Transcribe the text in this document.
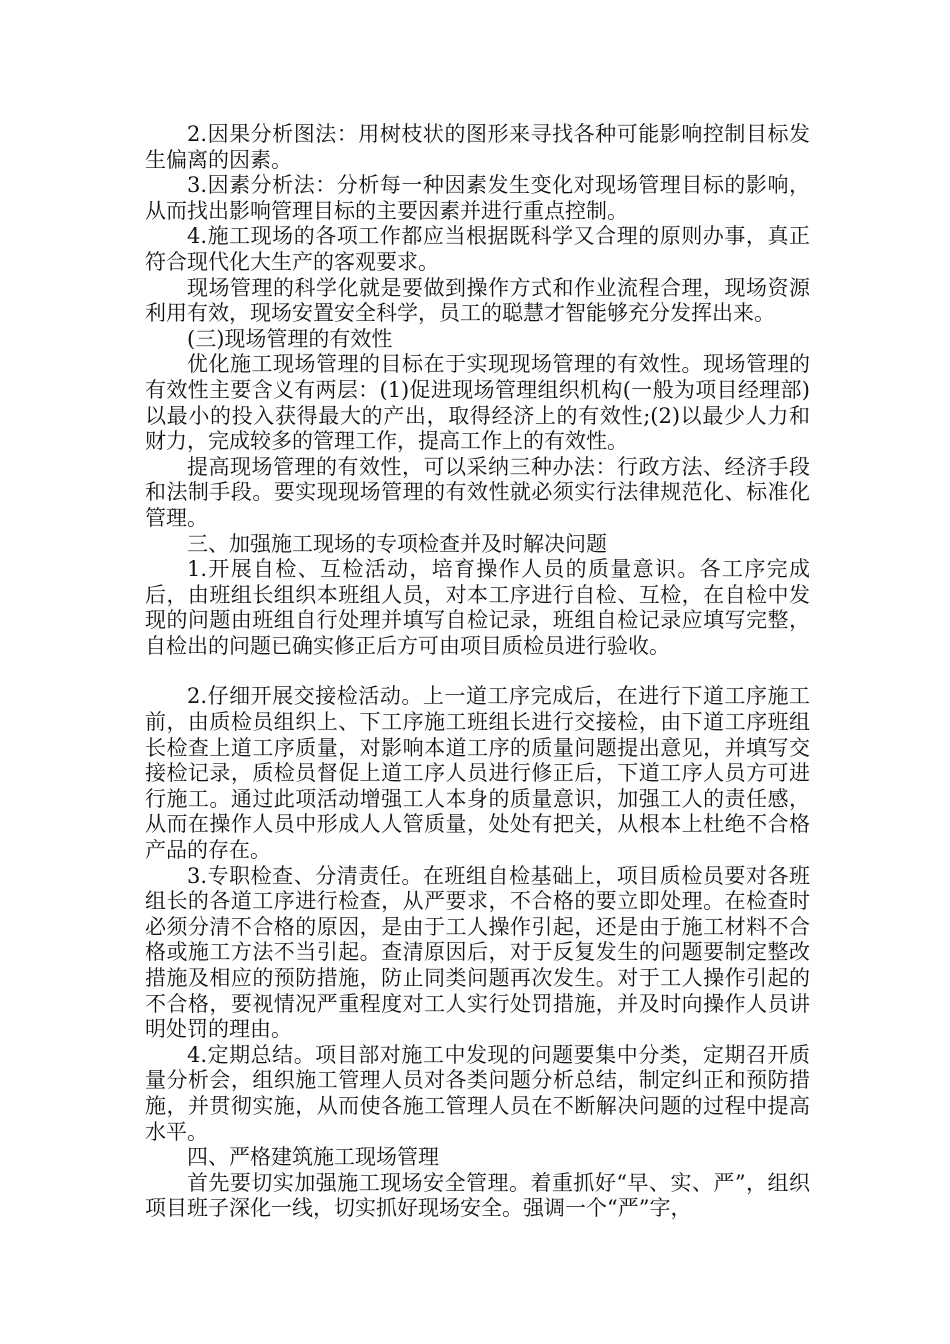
2.因果分析图法：用树枝状的图形来寻找各种可能影响控制目标发生偏离的因素。

3.因素分析法：分析每一种因素发生变化对现场管理目标的影响，从而找出影响管理目标的主要因素并进行重点控制。

4.施工现场的各项工作都应当根据既科学又合理的原则办事，真正符合现代化大生产的客观要求。

现场管理的科学化就是要做到操作方式和作业流程合理，现场资源利用有效，现场安置安全科学，员工的聪慧才智能够充分发挥出来。

(三)现场管理的有效性

优化施工现场管理的目标在于实现现场管理的有效性。现场管理的有效性主要含义有两层：(1)促进现场管理组织机构(一般为项目经理部)以最小的投入获得最大的产出，取得经济上的有效性;(2)以最少人力和财力，完成较多的管理工作，提高工作上的有效性。

提高现场管理的有效性，可以采纳三种办法：行政方法、经济手段和法制手段。要实现现场管理的有效性就必须实行法律规范化、标准化管理。

三、加强施工现场的专项检查并及时解决问题

1.开展自检、互检活动，培育操作人员的质量意识。各工序完成后，由班组长组织本班组人员，对本工序进行自检、互检，在自检中发现的问题由班组自行处理并填写自检记录，班组自检记录应填写完整，自检出的问题已确实修正后方可由项目质检员进行验收。

2.仔细开展交接检活动。上一道工序完成后，在进行下道工序施工前，由质检员组织上、下工序施工班组长进行交接检，由下道工序班组长检查上道工序质量，对影响本道工序的质量问题提出意见，并填写交接检记录，质检员督促上道工序人员进行修正后，下道工序人员方可进行施工。通过此项活动增强工人本身的质量意识，加强工人的责任感，从而在操作人员中形成人人管质量，处处有把关，从根本上杜绝不合格产品的存在。

3.专职检查、分清责任。在班组自检基础上，项目质检员要对各班组长的各道工序进行检查，从严要求，不合格的要立即处理。在检查时必须分清不合格的原因，是由于工人操作引起，还是由于施工材料不合格或施工方法不当引起。查清原因后，对于反复发生的问题要制定整改措施及相应的预防措施，防止同类问题再次发生。对于工人操作引起的不合格，要视情况严重程度对工人实行处罚措施，并及时向操作人员讲明处罚的理由。

4.定期总结。项目部对施工中发现的问题要集中分类，定期召开质量分析会，组织施工管理人员对各类问题分析总结，制定纠正和预防措施，并贯彻实施，从而使各施工管理人员在不断解决问题的过程中提高水平。

四、严格建筑施工现场管理

首先要切实加强施工现场安全管理。着重抓好“早、实、严”，组织项目班子深化一线，切实抓好现场安全。强调一个“严”字，
